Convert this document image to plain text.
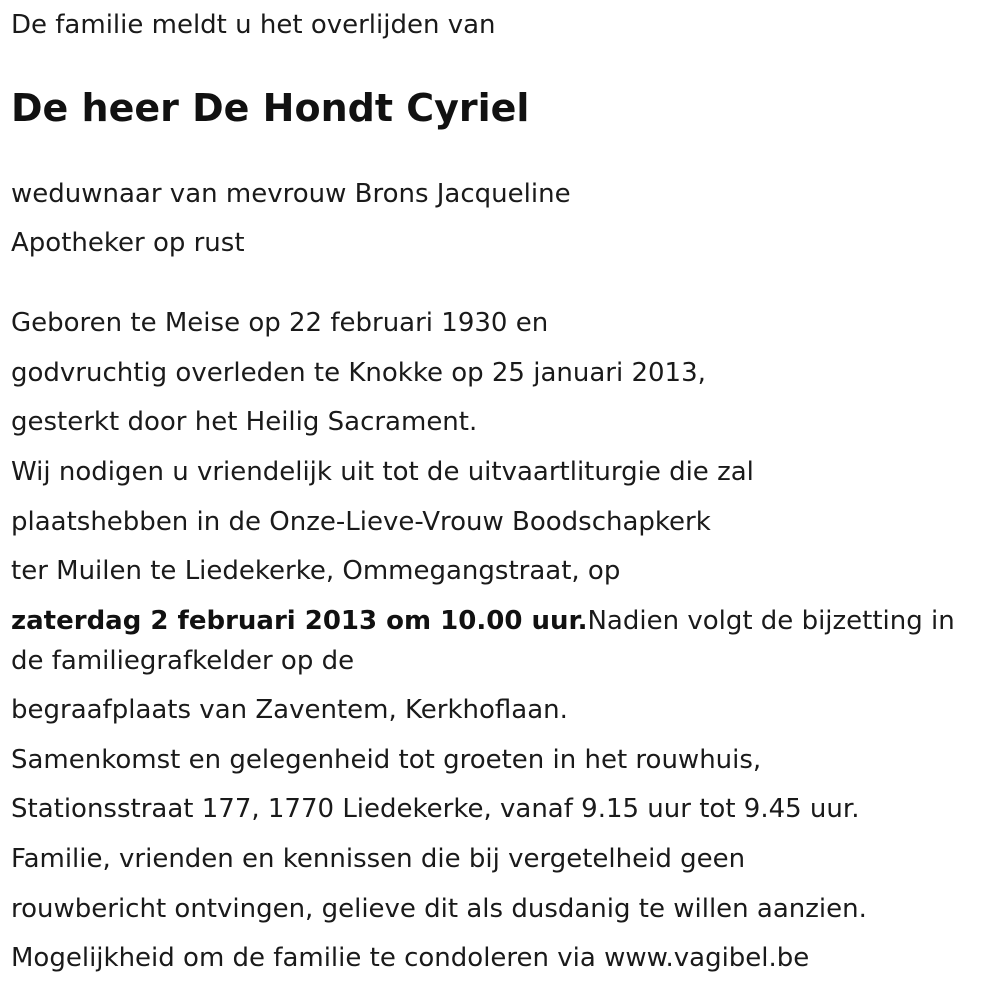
De familie meldt u het overlijden van
De heer De Hondt Cyriel
weduwnaar van mevrouw Brons Jacqueline
Apotheker op rust
Geboren te Meise op 22 februari 1930 en
godvruchtig overleden te Knokke op 25 januari 2013,
gesterkt door het Heilig Sacrament.
Wij nodigen u vriendelijk uit tot de uitvaartliturgie die zal
plaatshebben in de Onze-Lieve-Vrouw Boodschapkerk
ter Muilen te Liedekerke, Ommegangstraat, op
zaterdag 2 februari 2013 om 10.00 uur.Nadien volgt de bijzetting in de familiegrafkelder op de
begraafplaats van Zaventem, Kerkhoflaan.
Samenkomst en gelegenheid tot groeten in het rouwhuis,
Stationsstraat 177, 1770 Liedekerke, vanaf 9.15 uur tot 9.45 uur.
Familie, vrienden en kennissen die bij vergetelheid geen
rouwbericht ontvingen, gelieve dit als dusdanig te willen aanzien.
Mogelijkheid om de familie te condoleren via www.vagibel.be
